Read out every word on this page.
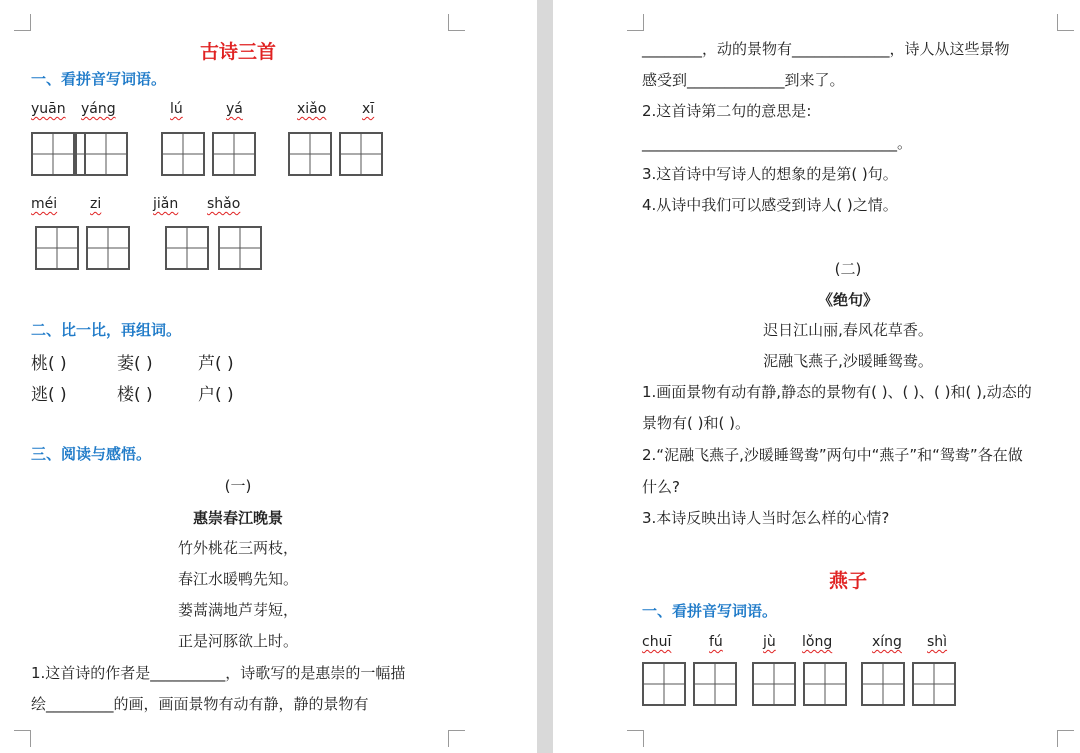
古诗三首
一、看拼音写词语。
yuān yáng	lú	yá	xiǎo	xī
méi zi	jiǎn shǎo
二、比一比，再组词。
桃( )	萎( )	芦( )
逃( )	楼( )	户( )
三、阅读与感悟。
(一)
惠崇春江晚景
竹外桃花三两枝，
春江水暖鸭先知。
蒌蒿满地芦芽短，
正是河豚欲上时。
1.这首诗的作者是__________，诗歌写的是惠崇的一幅描
绘_________的画，画面景物有动有静，静的景物有
________，动的景物有_____________，诗人从这些景物
感受到_____________到来了。
2.这首诗第二句的意思是:
__________________________________。
3.这首诗中写诗人的想象的是第( )句。
4.从诗中我们可以感受到诗人( )之情。
(二)
《绝句》
迟日江山丽,春风花草香。
泥融飞燕子,沙暖睡鸳鸯。
1.画面景物有动有静,静态的景物有( )、( )、( )和( ),动态的
景物有( )和( )。
2.“泥融飞燕子,沙暖睡鸳鸯”两句中“燕子”和“鸳鸯”各在做
什么?
3.本诗反映出诗人当时怎么样的心情?
燕子
一、看拼音写词语。
chuī	fú	jù lǒng	xíng shì
